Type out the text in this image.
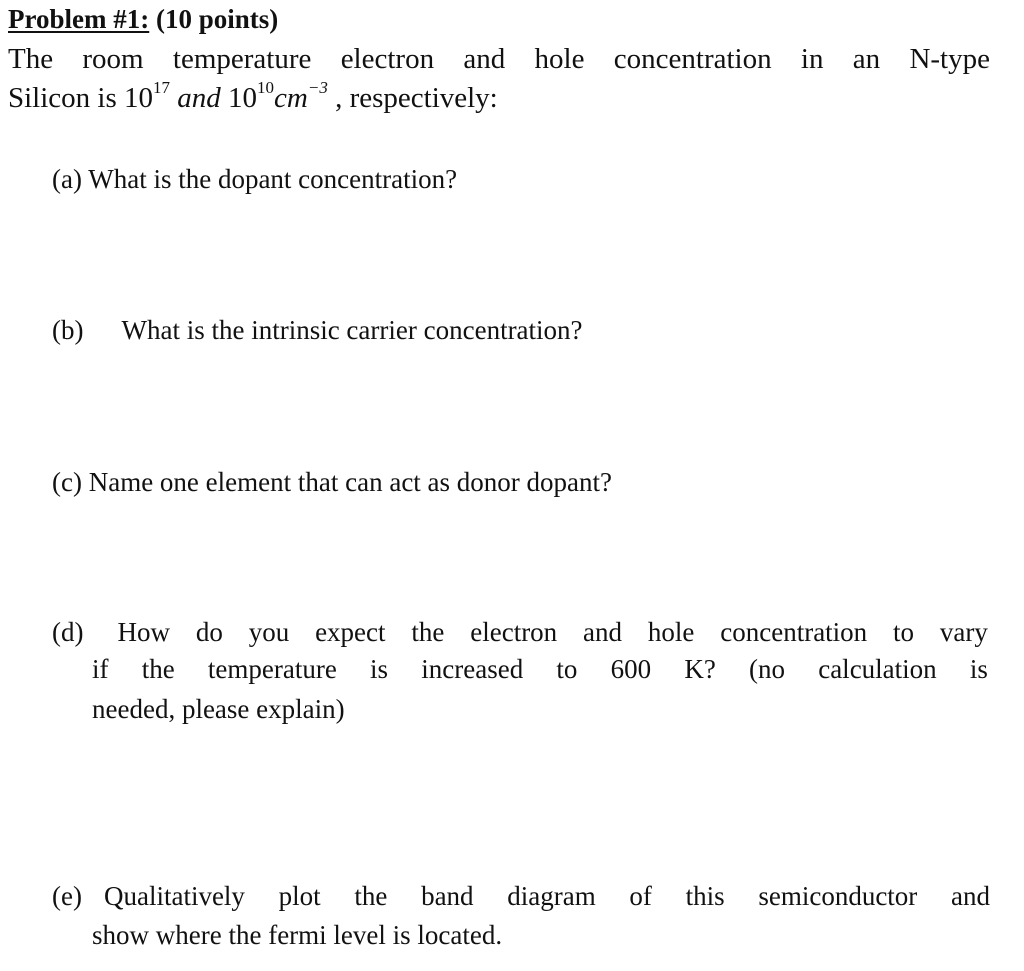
Problem #1: (10 points)
The room temperature electron and hole concentration in an N-type
Silicon is $10^{17}$ and $10^{10}cm^{-3}$ , respectively:
(a) What is the dopant concentration?
(b) What is the intrinsic carrier concentration?
(c) Name one element that can act as donor dopant?
(d) How do you expect the electron and hole concentration to vary
if the temperature is increased to 600 K? (no calculation is
needed, please explain)
(e) Qualitatively plot the band diagram of this semiconductor and
show where the fermi level is located.
